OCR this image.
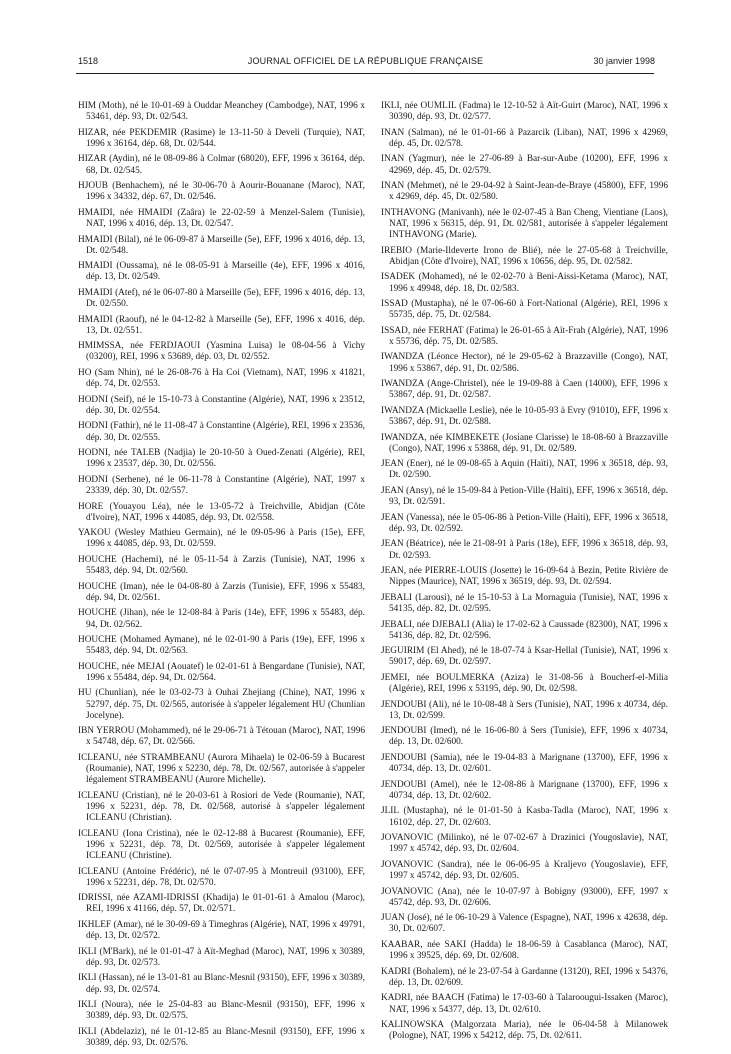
1518	JOURNAL OFFICIEL DE LA RÉPUBLIQUE FRANÇAISE	30 janvier 1998

HIM (Moth), né le 10-01-69 à Ouddar Meanchey (Cambodge), NAT, 1996 x 53461, dép. 93, Dt. 02/543.

HIZAR, née PEKDEMIR (Rasime) le 13-11-50 à Develi (Turquie), NAT, 1996 x 36164, dép. 68, Dt. 02/544.

HIZAR (Aydin), né le 08-09-86 à Colmar (68020), EFF, 1996 x 36164, dép. 68, Dt. 02/545.

HJOUB (Benhachem), né le 30-06-70 à Aourir-Bouanane (Maroc), NAT, 1996 x 34332, dép. 67, Dt. 02/546.

HMAIDI, née HMAIDI (Zaâra) le 22-02-59 à Menzel-Salem (Tunisie), NAT, 1996 x 4016, dép. 13, Dt. 02/547.

HMAIDI (Bilal), né le 06-09-87 à Marseille (5e), EFF, 1996 x 4016, dép. 13, Dt. 02/548.

HMAIDI (Oussama), né le 08-05-91 à Marseille (4e), EFF, 1996 x 4016, dép. 13, Dt. 02/549.

HMAIDI (Atef), né le 06-07-80 à Marseille (5e), EFF, 1996 x 4016, dép. 13, Dt. 02/550.

HMAIDI (Raouf), né le 04-12-82 à Marseille (5e), EFF, 1996 x 4016, dép. 13, Dt. 02/551.

HMIMSSA, née FERDJAOUI (Yasmina Luisa) le 08-04-56 à Vichy (03200), REI, 1996 x 53689, dép. 03, Dt. 02/552.

HO (Sam Nhin), né le 26-08-76 à Ha Coi (Vietnam), NAT, 1996 x 41821, dép. 74, Dt. 02/553.

HODNI (Seif), né le 15-10-73 à Constantine (Algérie), NAT, 1996 x 23512, dép. 30, Dt. 02/554.

HODNI (Fathir), né le 11-08-47 à Constantine (Algérie), REI, 1996 x 23536, dép. 30, Dt. 02/555.

HODNI, née TALEB (Nadjia) le 20-10-50 à Oued-Zenati (Algérie), REI, 1996 x 23537, dép. 30, Dt. 02/556.

HODNI (Serhene), né le 06-11-78 à Constantine (Algérie), NAT, 1997 x 23339, dép. 30, Dt. 02/557.

HORE (Youayou Léa), née le 13-05-72 à Treichville, Abidjan (Côte d'Ivoire), NAT, 1996 x 44085, dép. 93, Dt. 02/558.

YAKOU (Wesley Mathieu Germain), né le 09-05-96 à Paris (15e), EFF, 1996 x 44085, dép. 93, Dt. 02/559.

HOUCHE (Hachemi), né le 05-11-54 à Zarzis (Tunisie), NAT, 1996 x 55483, dép. 94, Dt. 02/560.

HOUCHE (Iman), née le 04-08-80 à Zarzis (Tunisie), EFF, 1996 x 55483, dép. 94, Dt. 02/561.

HOUCHE (Jihan), née le 12-08-84 à Paris (14e), EFF, 1996 x 55483, dép. 94, Dt. 02/562.

HOUCHE (Mohamed Aymane), né le 02-01-90 à Paris (19e), EFF, 1996 x 55483, dép. 94, Dt. 02/563.

HOUCHE, née MEJAI (Aouatef) le 02-01-61 à Bengardane (Tunisie), NAT, 1996 x 55484, dép. 94, Dt. 02/564.

HU (Chunlian), née le 03-02-73 à Ouhai Zhejiang (Chine), NAT, 1996 x 52797, dép. 75, Dt. 02/565, autorisée à s'appeler légalement HU (Chunlian Jocelyne).

IBN YERROU (Mohammed), né le 29-06-71 à Tétouan (Maroc), NAT, 1996 x 54748, dép. 67, Dt. 02/566.

ICLEANU, née STRAMBEANU (Aurora Mihaela) le 02-06-59 à Bucarest (Roumanie), NAT, 1996 x 52230, dép. 78, Dt. 02/567, autorisée à s'appeler légalement STRAMBEANU (Aurore Michelle).

ICLEANU (Cristian), né le 20-03-61 à Rosiori de Vede (Roumanie), NAT, 1996 x 52231, dép. 78, Dt. 02/568, autorisé à s'appeler légalement ICLEANU (Christian).

ICLEANU (Iona Cristina), née le 02-12-88 à Bucarest (Roumanie), EFF, 1996 x 52231, dép. 78, Dt. 02/569, autorisée à s'appeler légalement ICLEANU (Christine).

ICLEANU (Antoine Frédéric), né le 07-07-95 à Montreuil (93100), EFF, 1996 x 52231, dép. 78, Dt. 02/570.

IDRISSI, née AZAMI-IDRISSI (Khadija) le 01-01-61 à Amalou (Maroc), REI, 1996 x 41166, dép. 57, Dt. 02/571.

IKHLEF (Amar), né le 30-09-69 à Timeghras (Algérie), NAT, 1996 x 49791, dép. 13, Dt. 02/572.

IKLI (M'Bark), né le 01-01-47 à Aït-Meghad (Maroc), NAT, 1996 x 30389, dép. 93, Dt. 02/573.

IKLI (Hassan), né le 13-01-81 au Blanc-Mesnil (93150), EFF, 1996 x 30389, dép. 93, Dt. 02/574.

IKLI (Noura), née le 25-04-83 au Blanc-Mesnil (93150), EFF, 1996 x 30389, dép. 93, Dt. 02/575.

IKLI (Abdelaziz), né le 01-12-85 au Blanc-Mesnil (93150), EFF, 1996 x 30389, dép. 93, Dt. 02/576.

IKLI, née OUMLIL (Fadma) le 12-10-52 à Aït-Guirt (Maroc), NAT, 1996 x 30390, dép. 93, Dt. 02/577.

INAN (Salman), né le 01-01-66 à Pazarcik (Liban), NAT, 1996 x 42969, dép. 45, Dt. 02/578.

INAN (Yagmur), née le 27-06-89 à Bar-sur-Aube (10200), EFF, 1996 x 42969, dép. 45, Dt. 02/579.

INAN (Mehmet), né le 29-04-92 à Saint-Jean-de-Braye (45800), EFF, 1996 x 42969, dép. 45, Dt. 02/580.

INTHAVONG (Manivanh), née le 02-07-45 à Ban Cheng, Vientiane (Laos), NAT, 1996 x 56315, dép. 91, Dt. 02/581, autorisée à s'appeler légalement INTHAVONG (Marie).

IREBIO (Marie-Ildeverte Irono de Blié), née le 27-05-68 à Treichville, Abidjan (Côte d'Ivoire), NAT, 1996 x 10656, dép. 95, Dt. 02/582.

ISADEK (Mohamed), né le 02-02-70 à Beni-Aissi-Ketama (Maroc), NAT, 1996 x 49948, dép. 18, Dt. 02/583.

ISSAD (Mustapha), né le 07-06-60 à Fort-National (Algérie), REI, 1996 x 55735, dép. 75, Dt. 02/584.

ISSAD, née FERHAT (Fatima) le 26-01-65 à Aït-Frah (Algérie), NAT, 1996 x 55736, dép. 75, Dt. 02/585.

IWANDZA (Léonce Hector), né le 29-05-62 à Brazzaville (Congo), NAT, 1996 x 53867, dép. 91, Dt. 02/586.

IWANDZA (Ange-Christel), née le 19-09-88 à Caen (14000), EFF, 1996 x 53867, dép. 91, Dt. 02/587.

IWANDZA (Mickaelle Leslie), née le 10-05-93 à Evry (91010), EFF, 1996 x 53867, dép. 91, Dt. 02/588.

IWANDZA, née KIMBEKETE (Josiane Clarisse) le 18-08-60 à Brazzaville (Congo), NAT, 1996 x 53868, dép. 91, Dt. 02/589.

JEAN (Ener), né le 09-08-65 à Aquin (Haïti), NAT, 1996 x 36518, dép. 93, Dt. 02/590.

JEAN (Ansy), né le 15-09-84 à Petion-Ville (Haïti), EFF, 1996 x 36518, dép. 93, Dt. 02/591.

JEAN (Vanessa), née le 05-06-86 à Petion-Ville (Haïti), EFF, 1996 x 36518, dép. 93, Dt. 02/592.

JEAN (Béatrice), née le 21-08-91 à Paris (18e), EFF, 1996 x 36518, dép. 93, Dt. 02/593.

JEAN, née PIERRE-LOUIS (Josette) le 16-09-64 à Bezin, Petite Rivière de Nippes (Maurice), NAT, 1996 x 36519, dép. 93, Dt. 02/594.

JEBALI (Larousi), né le 15-10-53 à La Mornaguia (Tunisie), NAT, 1996 x 54135, dép. 82, Dt. 02/595.

JEBALI, née DJEBALI (Alia) le 17-02-62 à Caussade (82300), NAT, 1996 x 54136, dép. 82, Dt. 02/596.

JEGUIRIM (El Ahed), né le 18-07-74 à Ksar-Hellal (Tunisie), NAT, 1996 x 59017, dép. 69, Dt. 02/597.

JEMEI, née BOULMERKA (Aziza) le 31-08-56 à Boucherf-el-Milia (Algérie), REI, 1996 x 53195, dép. 90, Dt. 02/598.

JENDOUBI (Ali), né le 10-08-48 à Sers (Tunisie), NAT, 1996 x 40734, dép. 13, Dt. 02/599.

JENDOUBI (Imed), né le 16-06-80 à Sers (Tunisie), EFF, 1996 x 40734, dép. 13, Dt. 02/600.

JENDOUBI (Samia), née le 19-04-83 à Marignane (13700), EFF, 1996 x 40734, dép. 13, Dt. 02/601.

JENDOUBI (Amel), née le 12-08-86 à Marignane (13700), EFF, 1996 x 40734, dép. 13, Dt. 02/602.

JLIL (Mustapha), né le 01-01-50 à Kasba-Tadla (Maroc), NAT, 1996 x 16102, dép. 27, Dt. 02/603.

JOVANOVIC (Milinko), né le 07-02-67 à Drazinici (Yougoslavie), NAT, 1997 x 45742, dép. 93, Dt. 02/604.

JOVANOVIC (Sandra), née le 06-06-95 à Kraljevo (Yougoslavie), EFF, 1997 x 45742, dép. 93, Dt. 02/605.

JOVANOVIC (Ana), née le 10-07-97 à Bobigny (93000), EFF, 1997 x 45742, dép. 93, Dt. 02/606.

JUAN (José), né le 06-10-29 à Valence (Espagne), NAT, 1996 x 42638, dép. 30, Dt. 02/607.

KAABAR, née SAKI (Hadda) le 18-06-59 à Casablanca (Maroc), NAT, 1996 x 39525, dép. 69, Dt. 02/608.

KADRI (Bohalem), né le 23-07-54 à Gardanne (13120), REI, 1996 x 54376, dép. 13, Dt. 02/609.

KADRI, née BAACH (Fatima) le 17-03-60 à Talaroougui-Issaken (Maroc), NAT, 1996 x 54377, dép. 13, Dt. 02/610.

KALINOWSKA (Malgorzata Maria), née le 06-04-58 à Milanowek (Pologne), NAT, 1996 x 54212, dép. 75, Dt. 02/611.
